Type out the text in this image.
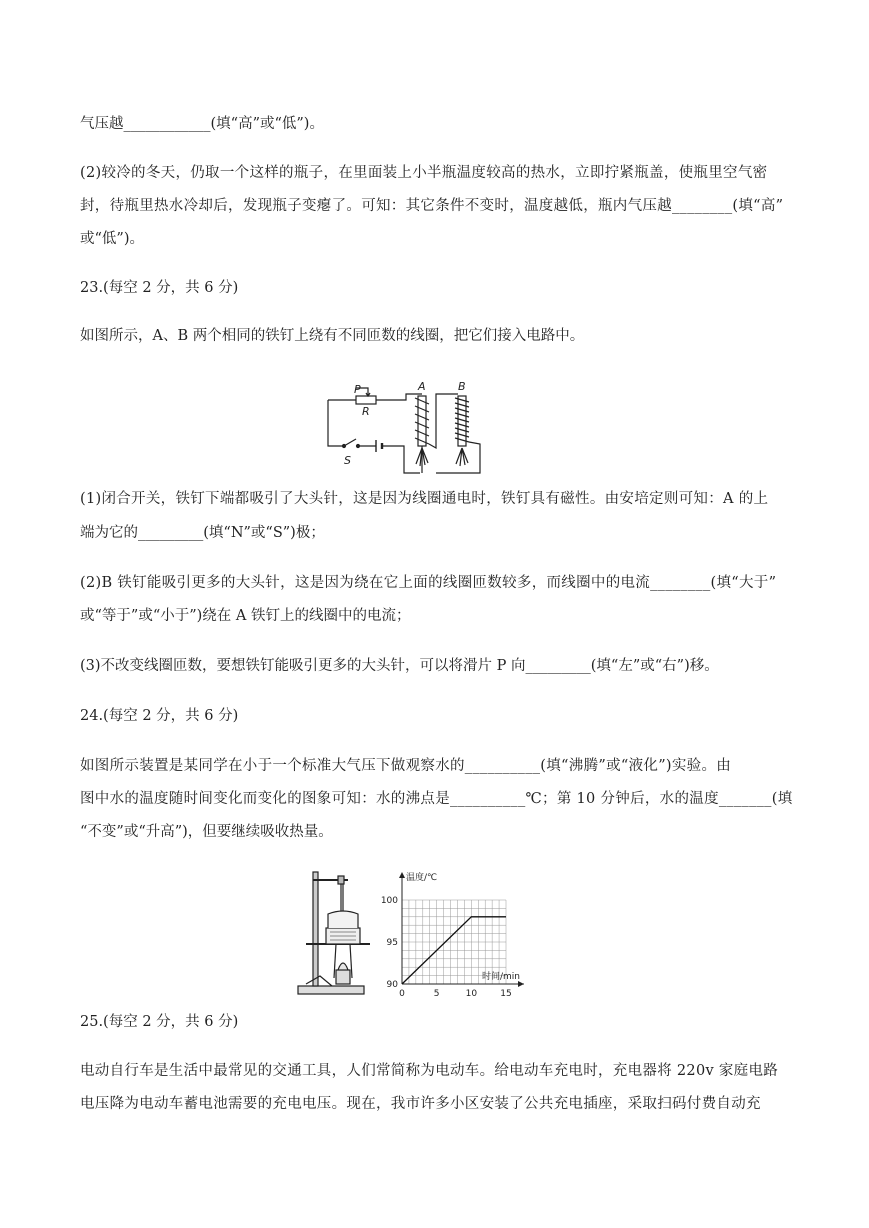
气压越____________(填“高”或“低”)。
(2)较冷的冬天，仍取一个这样的瓶子，在里面装上小半瓶温度较高的热水，立即拧紧瓶盖，使瓶里空气密
封，待瓶里热水冷却后，发现瓶子变瘪了。可知：其它条件不变时，温度越低，瓶内气压越________(填“高”
或“低”)。
23.(每空 2 分，共 6 分)
如图所示，A、B 两个相同的铁钉上绕有不同匝数的线圈，把它们接入电路中。
(1)闭合开关，铁钉下端都吸引了大头针，这是因为线圈通电时，铁钉具有磁性。由安培定则可知：A 的上
端为它的_________(填“N”或“S”)极；
(2)B 铁钉能吸引更多的大头针，这是因为绕在它上面的线圈匝数较多，而线圈中的电流________(填“大于”
或“等于”或“小于”)绕在 A 铁钉上的线圈中的电流；
(3)不改变线圈匝数，要想铁钉能吸引更多的大头针，可以将滑片 P 向_________(填“左”或“右”)移。
24.(每空 2 分，共 6 分)
如图所示装置是某同学在小于一个标准大气压下做观察水的__________(填“沸腾”或“液化”)实验。由
图中水的温度随时间变化而变化的图象可知：水的沸点是__________℃；第 10 分钟后，水的温度_______(填
“不变”或“升高”)，但要继续吸收热量。
25.(每空 2 分，共 6 分)
电动自行车是生活中最常见的交通工具，人们常简称为电动车。给电动车充电时，充电器将 220v 家庭电路
电压降为电动车蓄电池需要的充电电压。现在，我市许多小区安装了公共充电插座，采取扫码付费自动充
P
R
A	B
S
0	5	10	15
90
95
100
温度/℃
时间/min
